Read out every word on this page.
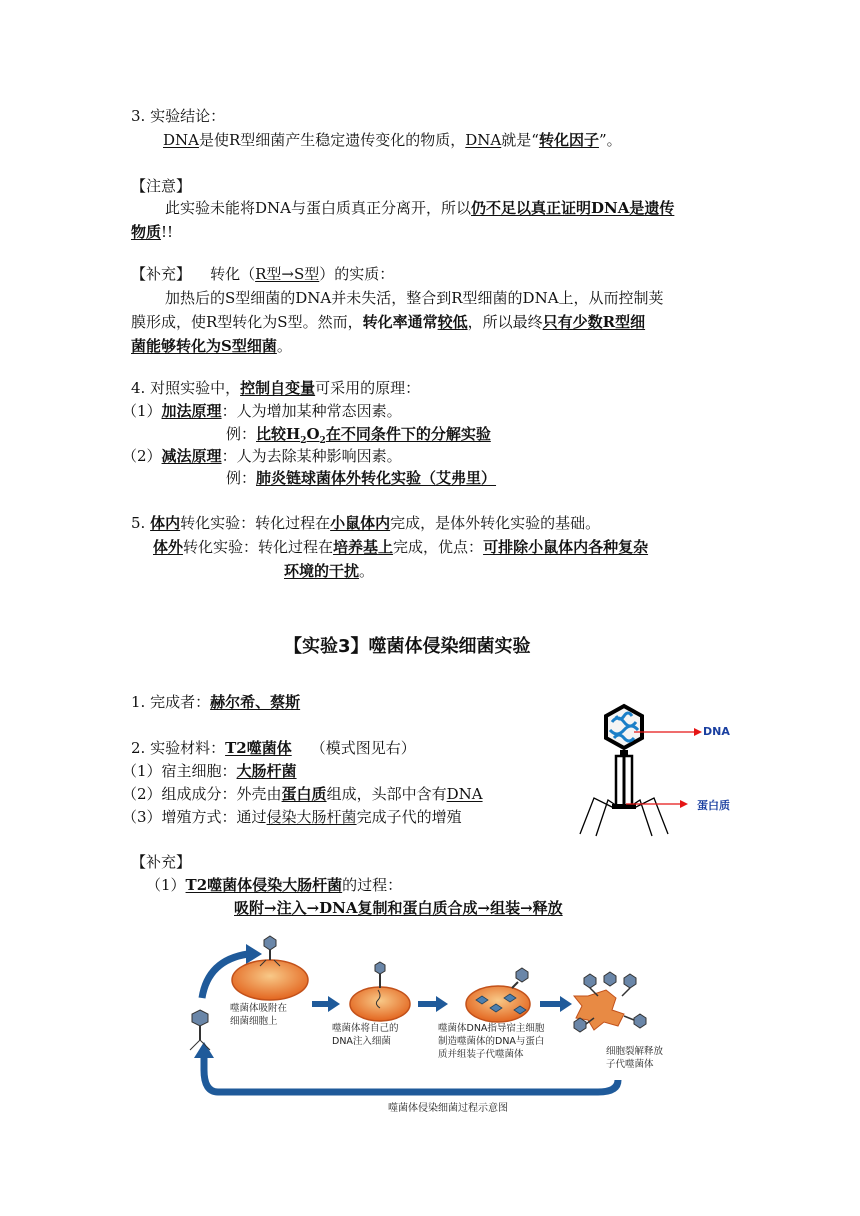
3. 实验结论：
DNA是使R型细菌产生稳定遗传变化的物质，DNA就是“转化因子”。
【注意】
此实验未能将DNA与蛋白质真正分离开，所以仍不足以真正证明DNA是遗传
物质!!
【补充】 转化（R型→S型）的实质：
加热后的S型细菌的DNA并未失活，整合到R型细菌的DNA上，从而控制荚
膜形成，使R型转化为S型。然而，转化率通常较低，所以最终只有少数R型细
菌能够转化为S型细菌。
4. 对照实验中，控制自变量可采用的原理：
（1）加法原理：人为增加某种常态因素。
例：比较$H_2O_2$在不同条件下的分解实验
（2）减法原理：人为去除某种影响因素。
例：肺炎链球菌体外转化实验（艾弗里）
5. 体内转化实验：转化过程在小鼠体内完成，是体外转化实验的基础。
体外转化实验：转化过程在培养基上完成，优点：可排除小鼠体内各种复杂
环境的干扰。
【实验3】噬菌体侵染细菌实验
1. 完成者：赫尔希、蔡斯
2. 实验材料：T2噬菌体 （模式图见右）
（1）宿主细胞：大肠杆菌
（2）组成成分：外壳由蛋白质组成，头部中含有DNA
（3）增殖方式：通过侵染大肠杆菌完成子代的增殖
DNA
蛋白质
【补充】
（1）T2噬菌体侵染大肠杆菌的过程：
吸附→注入→DNA复制和蛋白质合成→组装→释放
噬菌体吸附在
细菌细胞上
噬菌体将自己的
DNA注入细菌
噬菌体DNA指导宿主细胞
制造噬菌体的DNA与蛋白
质并组装子代噬菌体	细胞裂解释放
子代噬菌体
噬菌体侵染细菌过程示意图
